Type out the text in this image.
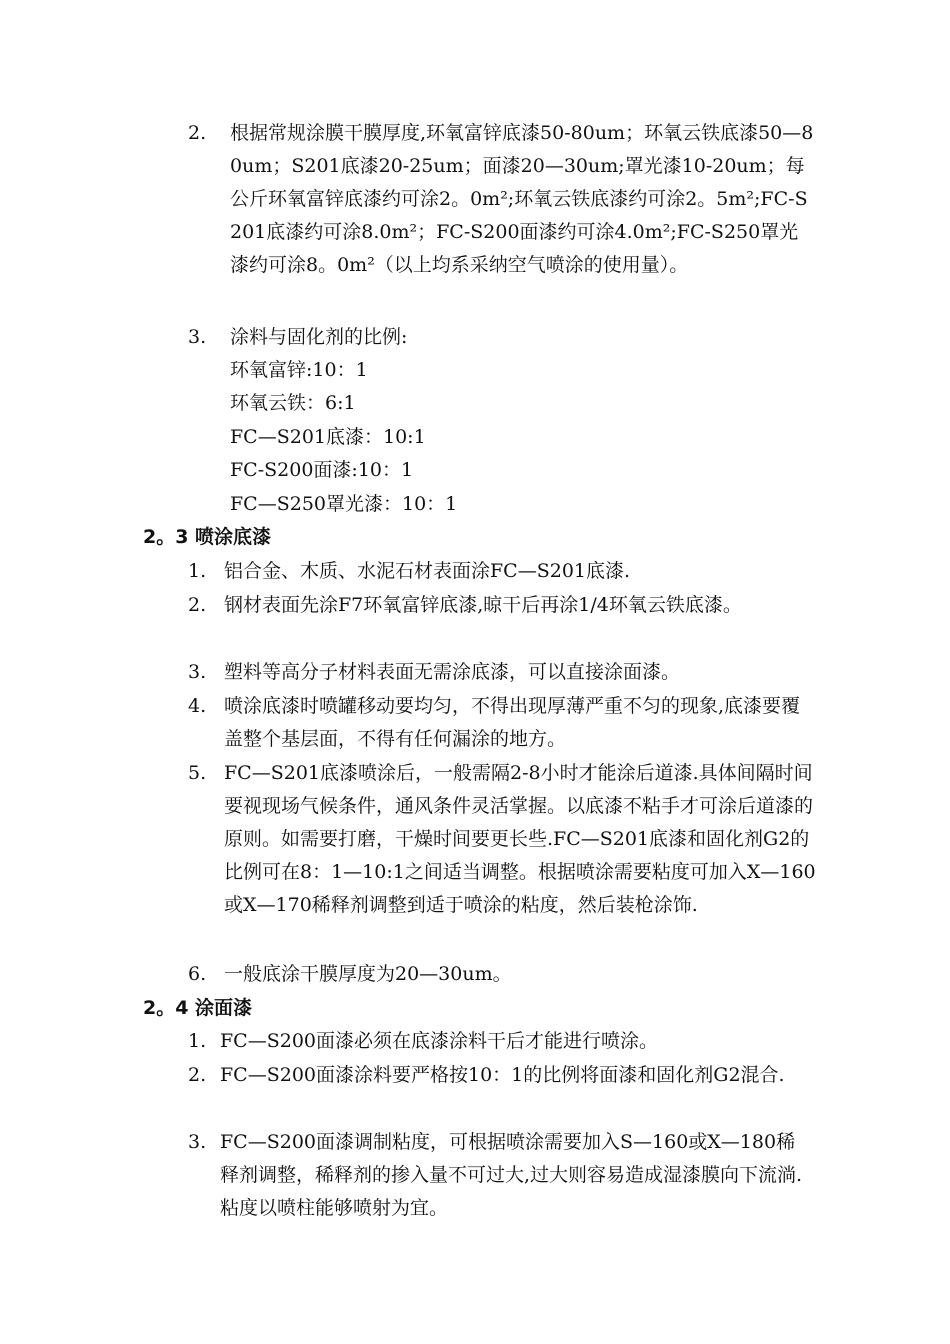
2. 根据常规涂膜干膜厚度,环氧富锌底漆50-80um；环氧云铁底漆50—80um；S201底漆20-25um；面漆20—30um;罩光漆10-20um；每公斤环氧富锌底漆约可涂2。0m²;环氧云铁底漆约可涂2。5m²;FC-S201底漆约可涂8.0m²；FC-S200面漆约可涂4.0m²;FC-S250罩光漆约可涂8。0m²（以上均系采纳空气喷涂的使用量）。
3. 涂料与固化剂的比例:
环氧富锌:10：1
环氧云铁：6:1
FC—S201底漆：10:1
FC-S200面漆:10：1
FC—S250罩光漆：10：1
2。3 喷涂底漆
1. 铝合金、木质、水泥石材表面涂FC—S201底漆.
2. 钢材表面先涂F7环氧富锌底漆,晾干后再涂1/4环氧云铁底漆。
3. 塑料等高分子材料表面无需涂底漆，可以直接涂面漆。
4. 喷涂底漆时喷罐移动要均匀，不得出现厚薄严重不匀的现象,底漆要覆盖整个基层面，不得有任何漏涂的地方。
5. FC—S201底漆喷涂后，一般需隔2-8小时才能涂后道漆.具体间隔时间要视现场气候条件，通风条件灵活掌握。以底漆不粘手才可涂后道漆的原则。如需要打磨，干燥时间要更长些.FC—S201底漆和固化剂G2的比例可在8：1—10:1之间适当调整。根据喷涂需要粘度可加入X—160或X—170稀释剂调整到适于喷涂的粘度，然后装枪涂饰.
6. 一般底涂干膜厚度为20—30um。
2。4 涂面漆
1. FC—S200面漆必须在底漆涂料干后才能进行喷涂。
2. FC—S200面漆涂料要严格按10：1的比例将面漆和固化剂G2混合.
3. FC—S200面漆调制粘度，可根据喷涂需要加入S—160或X—180稀释剂调整，稀释剂的掺入量不可过大,过大则容易造成湿漆膜向下流淌.粘度以喷柱能够喷射为宜。
